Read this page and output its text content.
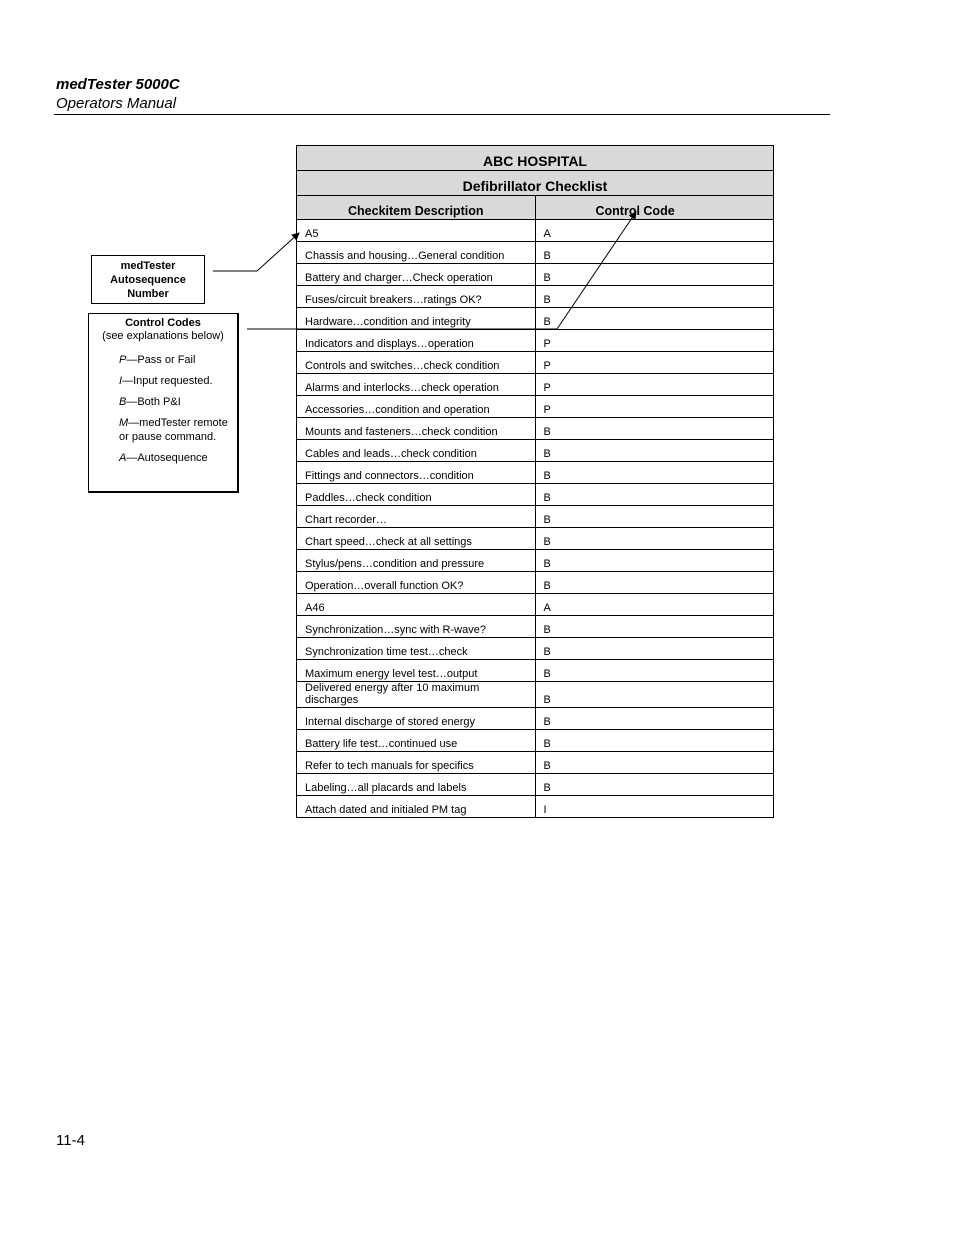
medTester 5000C
Operators Manual
ABC HOSPITAL	
Defibrillator Checklist	
Checkitem Description	Control Code
A5	A
Chassis and housing…General condition	B
Battery and charger…Check operation	B
Fuses/circuit breakers…ratings OK?	B
Hardware…condition and integrity	B
Indicators and displays…operation	P
Controls and switches…check condition	P
Alarms and interlocks…check operation	P
Accessories…condition and operation	P
Mounts and fasteners…check condition	B
Cables and leads…check condition	B
Fittings and connectors…condition	B
Paddles…check condition	B
Chart recorder…	B
Chart speed…check at all settings	B
Stylus/pens…condition and pressure	B
Operation…overall function OK?	B
A46	A
Synchronization…sync with R-wave?	B
Synchronization time test…check	B
Maximum energy level test…output	B
Delivered energy after 10 maximum discharges	B
Internal discharge of stored energy	B
Battery life test…continued use	B
Refer to tech manuals for specifics	B
Labeling…all placards and labels	B
Attach dated and initialed PM tag	I
medTester
Autosequence
Number
Control Codes
(see explanations below)
P—Pass or Fail
I—Input requested.
B—Both P&I
M—medTester remote or pause command.
A—Autosequence
11-4
